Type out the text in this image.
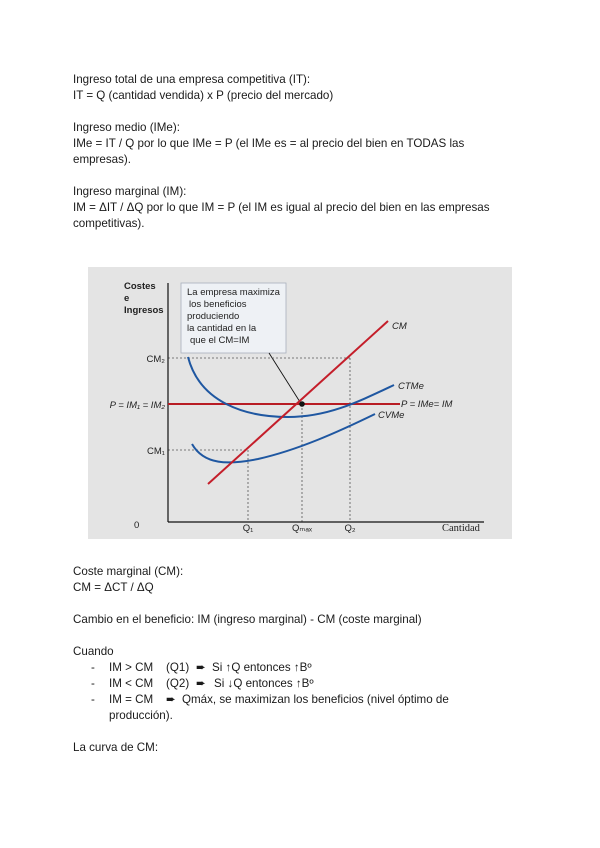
Ingreso total de una empresa competitiva (IT):

IT = Q (cantidad vendida) x P (precio del mercado)

Ingreso medio (IMe):

IMe = IT / Q por lo que IMe = P (el IMe es = al precio del bien en TODAS las

empresas).

Ingreso marginal (IM):

IM = ΔIT / ΔQ por lo que IM = P (el IM es igual al precio del bien en las empresas

competitivas).

La empresa maximiza
los beneficios
produciendo
la cantidad en la
que el CM=IM
Costes
e
Ingresos
CM₂
P = IM₁ = IM₂
CM₁
0	Q₁	Qₘₐₓ	Q₂	Cantidad
CM
CTMe
P = IMe= IM
CVMe

Coste marginal (CM):

CM = ΔCT / ΔQ

Cambio en el beneficio: IM (ingreso marginal) - CM (coste marginal)

Cuando

- IM > CM (Q1) ➨ Si ↑Q entonces ↑Bº
- IM < CM (Q2) ➨ Si ↓Q entonces ↑Bº
- IM = CM ➨ Qmáx, se maximizan los beneficios (nivel óptimo de
producción).

La curva de CM:
